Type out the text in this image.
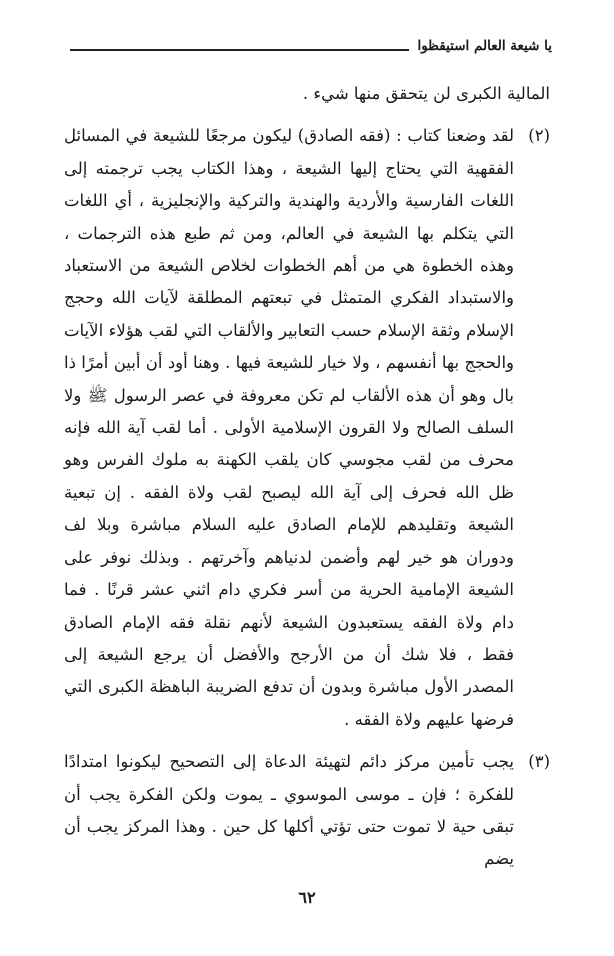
يا شيعة العالم استيقظوا

المالية الكبرى لن يتحقق منها شيء .

(٢)
لقد وضعنا كتاب : (فقه الصادق) ليكون مرجعًا للشيعة في المسائل الفقهية التي يحتاج إليها الشيعة ، وهذا الكتاب يجب ترجمته إلى اللغات الفارسية والأردية والهندية والتركية والإنجليزية ، أي اللغات التي يتكلم بها الشيعة في العالم، ومن ثم طبع هذه الترجمات ، وهذه الخطوة هي من أهم الخطوات لخلاص الشيعة من الاستعباد والاستبداد الفكري المتمثل في تبعتهم المطلقة لآيات الله وحجج الإسلام وثقة الإسلام حسب التعابير والألقاب التي لقب هؤلاء الآيات والحجج بها أنفسهم ، ولا خيار للشيعة فيها . وهنا أود أن أبين أمرًا ذا بال وهو أن هذه الألقاب لم تكن معروفة في عصر الرسول ﷺ ولا السلف الصالح ولا القرون الإسلامية الأولى . أما لقب آية الله فإنه محرف من لقب مجوسي كان يلقب الكهنة به ملوك الفرس وهو ظل الله فحرف إلى آية الله ليصبح لقب ولاة الفقه . إن تبعية الشيعة وتقليدهم للإمام الصادق عليه السلام مباشرة وبلا لف ودوران هو خير لهم وأضمن لدنياهم وآخرتهم . وبذلك نوفر على الشيعة الإمامية الحرية من أسر فكري دام اثني عشر قرنًا . فما دام ولاة الفقه يستعبدون الشيعة لأنهم نقلة فقه الإمام الصادق فقط ، فلا شك أن من الأرجح والأفضل أن يرجع الشيعة إلى المصدر الأول مباشرة وبدون أن تدفع الضريبة الباهظة الكبرى التي فرضها عليهم ولاة الفقه .

(٣)
يجب تأمين مركز دائم لتهيئة الدعاة إلى التصحيح ليكونوا امتدادًا للفكرة ؛ فإن ـ موسى الموسوي ـ يموت ولكن الفكرة يجب أن تبقى حية لا تموت حتى تؤتي أكلها كل حين . وهذا المركز يجب أن يضم

٦٢
